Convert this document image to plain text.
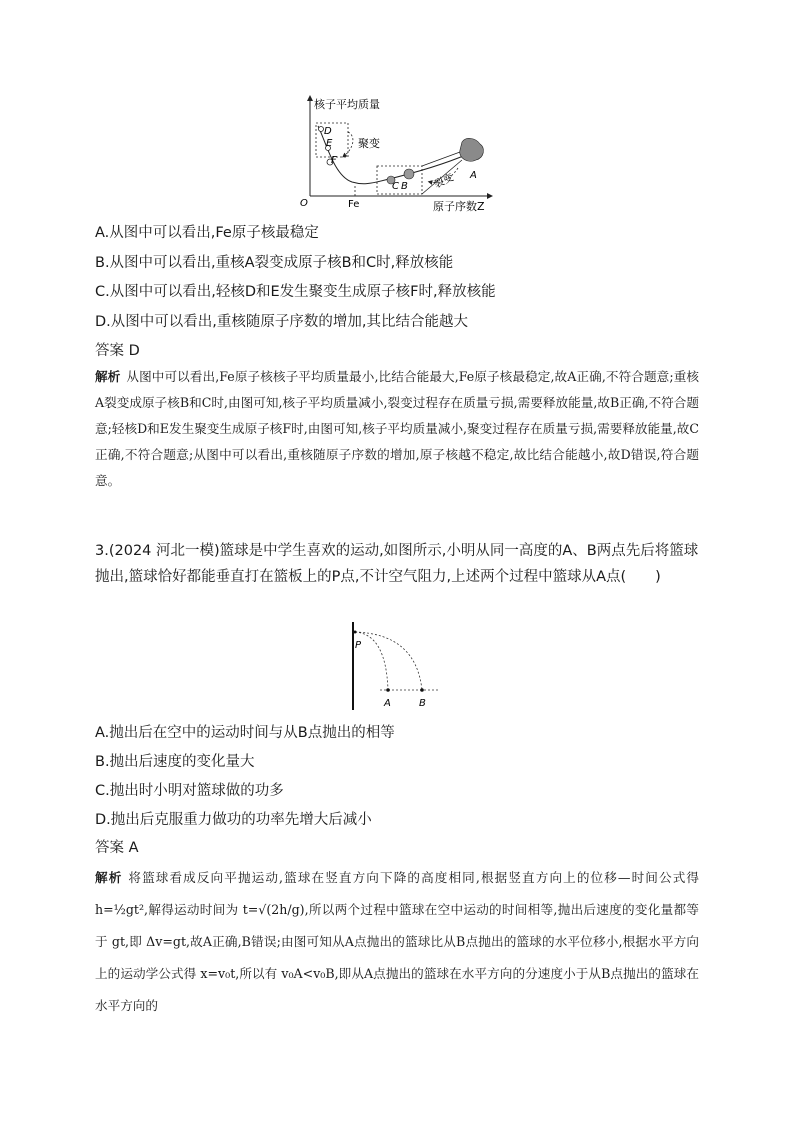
核子平均质量
O	原子序数Z
Fe
D
E
F
聚变
C B
A
裂变
A.从图中可以看出,Fe原子核最稳定
B.从图中可以看出,重核A裂变成原子核B和C时,释放核能
C.从图中可以看出,轻核D和E发生聚变生成原子核F时,释放核能
D.从图中可以看出,重核随原子序数的增加,其比结合能越大
答案 D
解析 从图中可以看出,Fe原子核核子平均质量最小,比结合能最大,Fe原子核最稳定,故A正确,不符合题意;重核A裂变成原子核B和C时,由图可知,核子平均质量减小,裂变过程存在质量亏损,需要释放能量,故B正确,不符合题意;轻核D和E发生聚变生成原子核F时,由图可知,核子平均质量减小,聚变过程存在质量亏损,需要释放能量,故C正确,不符合题意;从图中可以看出,重核随原子序数的增加,原子核越不稳定,故比结合能越小,故D错误,符合题意。
3.(2024 河北一模)篮球是中学生喜欢的运动,如图所示,小明从同一高度的A、B两点先后将篮球抛出,篮球恰好都能垂直打在篮板上的P点,不计空气阻力,上述两个过程中篮球从A点(　　)
P
A	B
A.抛出后在空中的运动时间与从B点抛出的相等
B.抛出后速度的变化量大
C.抛出时小明对篮球做的功多
D.抛出后克服重力做功的功率先增大后减小
答案 A
解析 将篮球看成反向平抛运动,篮球在竖直方向下降的高度相同,根据竖直方向上的位移—时间公式得 h=½gt²,解得运动时间为 t=√(2h/g),所以两个过程中篮球在空中运动的时间相等,抛出后速度的变化量都等于 gt,即 Δv=gt,故A正确,B错误;由图可知从A点抛出的篮球比从B点抛出的篮球的水平位移小,根据水平方向上的运动学公式得 x=v₀t,所以有 v₀A<v₀B,即从A点抛出的篮球在水平方向的分速度小于从B点抛出的篮球在水平方向的
